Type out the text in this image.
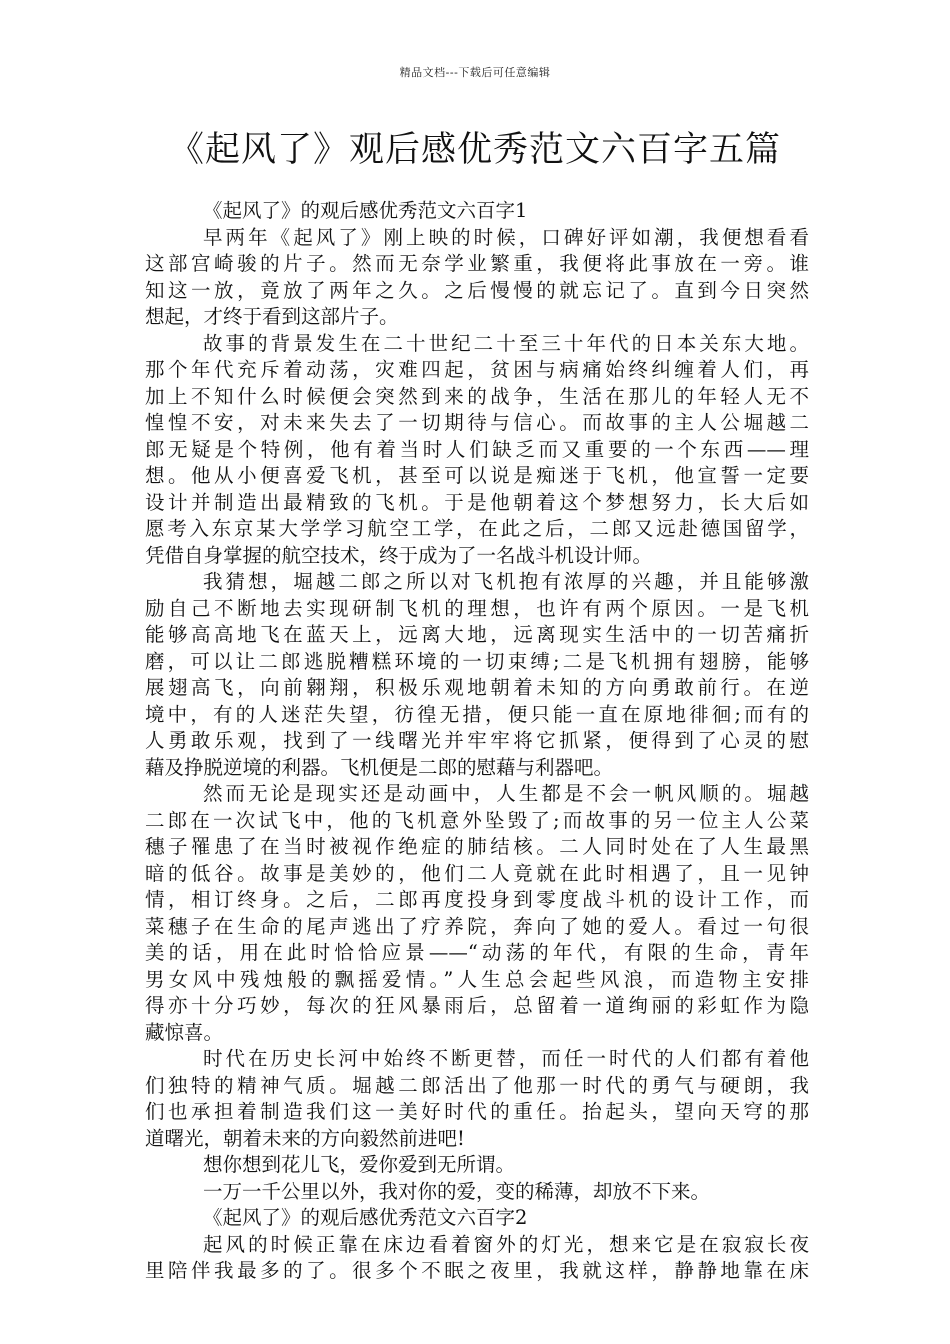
精品文档---下载后可任意编辑
《起风了》观后感优秀范文六百字五篇
《起风了》的观后感优秀范文六百字1
早两年《起风了》刚上映的时候，口碑好评如潮，我便想看看
这部宫崎骏的片子。然而无奈学业繁重，我便将此事放在一旁。谁
知这一放，竟放了两年之久。之后慢慢的就忘记了。直到今日突然
想起，才终于看到这部片子。
故事的背景发生在二十世纪二十至三十年代的日本关东大地。
那个年代充斥着动荡，灾难四起，贫困与病痛始终纠缠着人们，再
加上不知什么时候便会突然到来的战争，生活在那儿的年轻人无不
惶惶不安，对未来失去了一切期待与信心。而故事的主人公堀越二
郎无疑是个特例，他有着当时人们缺乏而又重要的一个东西——理
想。他从小便喜爱飞机，甚至可以说是痴迷于飞机，他宣誓一定要
设计并制造出最精致的飞机。于是他朝着这个梦想努力，长大后如
愿考入东京某大学学习航空工学，在此之后，二郎又远赴德国留学，
凭借自身掌握的航空技术，终于成为了一名战斗机设计师。
我猜想，堀越二郎之所以对飞机抱有浓厚的兴趣，并且能够激
励自己不断地去实现研制飞机的理想，也许有两个原因。一是飞机
能够高高地飞在蓝天上，远离大地，远离现实生活中的一切苦痛折
磨，可以让二郎逃脱糟糕环境的一切束缚;二是飞机拥有翅膀，能够
展翅高飞，向前翱翔，积极乐观地朝着未知的方向勇敢前行。在逆
境中，有的人迷茫失望，彷徨无措，便只能一直在原地徘徊;而有的
人勇敢乐观，找到了一线曙光并牢牢将它抓紧，便得到了心灵的慰
藉及挣脱逆境的利器。飞机便是二郎的慰藉与利器吧。
然而无论是现实还是动画中，人生都是不会一帆风顺的。堀越
二郎在一次试飞中，他的飞机意外坠毁了;而故事的另一位主人公菜
穗子罹患了在当时被视作绝症的肺结核。二人同时处在了人生最黑
暗的低谷。故事是美妙的，他们二人竟就在此时相遇了，且一见钟
情，相订终身。之后，二郎再度投身到零度战斗机的设计工作，而
菜穗子在生命的尾声逃出了疗养院，奔向了她的爱人。看过一句很
美的话，用在此时恰恰应景——“动荡的年代，有限的生命，青年
男女风中残烛般的飘摇爱情。”人生总会起些风浪，而造物主安排
得亦十分巧妙，每次的狂风暴雨后，总留着一道绚丽的彩虹作为隐
藏惊喜。
时代在历史长河中始终不断更替，而任一时代的人们都有着他
们独特的精神气质。堀越二郎活出了他那一时代的勇气与硬朗，我
们也承担着制造我们这一美好时代的重任。抬起头，望向天穹的那
道曙光，朝着未来的方向毅然前进吧!
想你想到花儿飞，爱你爱到无所谓。
一万一千公里以外，我对你的爱，变的稀薄，却放不下来。
《起风了》的观后感优秀范文六百字2
起风的时候正靠在床边看着窗外的灯光，想来它是在寂寂长夜
里陪伴我最多的了。很多个不眠之夜里，我就这样，静静地靠在床
